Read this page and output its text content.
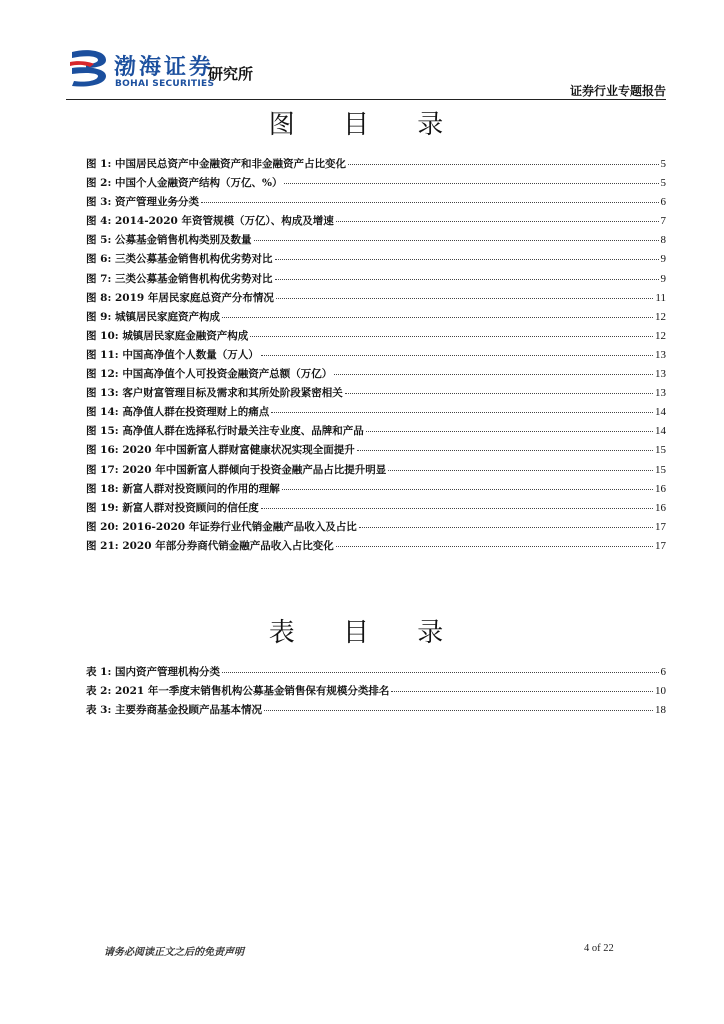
渤海证券
BOHAI SECURITIES
研究所
证券行业专题报告
图 目 录
图 1: 中国居民总资产中金融资产和非金融资产占比变化	5
图 2: 中国个人金融资产结构（万亿、%）	5
图 3: 资产管理业务分类	6
图 4: 2014-2020 年资管规模（万亿）、构成及增速	7
图 5: 公募基金销售机构类别及数量	8
图 6: 三类公募基金销售机构优劣势对比	9
图 7: 三类公募基金销售机构优劣势对比	9
图 8: 2019 年居民家庭总资产分布情况	11
图 9: 城镇居民家庭资产构成	12
图 10: 城镇居民家庭金融资产构成	12
图 11: 中国高净值个人数量（万人）	13
图 12: 中国高净值个人可投资金融资产总额（万亿）	13
图 13: 客户财富管理目标及需求和其所处阶段紧密相关	13
图 14: 高净值人群在投资理财上的痛点	14
图 15: 高净值人群在选择私行时最关注专业度、品牌和产品	14
图 16: 2020 年中国新富人群财富健康状况实现全面提升	15
图 17: 2020 年中国新富人群倾向于投资金融产品占比提升明显	15
图 18: 新富人群对投资顾问的作用的理解	16
图 19: 新富人群对投资顾问的信任度	16
图 20: 2016-2020 年证券行业代销金融产品收入及占比	17
图 21: 2020 年部分券商代销金融产品收入占比变化	17
表 目 录
表 1: 国内资产管理机构分类	6
表 2: 2021 年一季度末销售机构公募基金销售保有规模分类排名	10
表 3: 主要券商基金投顾产品基本情况	18
请务必阅读正文之后的免责声明	4 of 22
